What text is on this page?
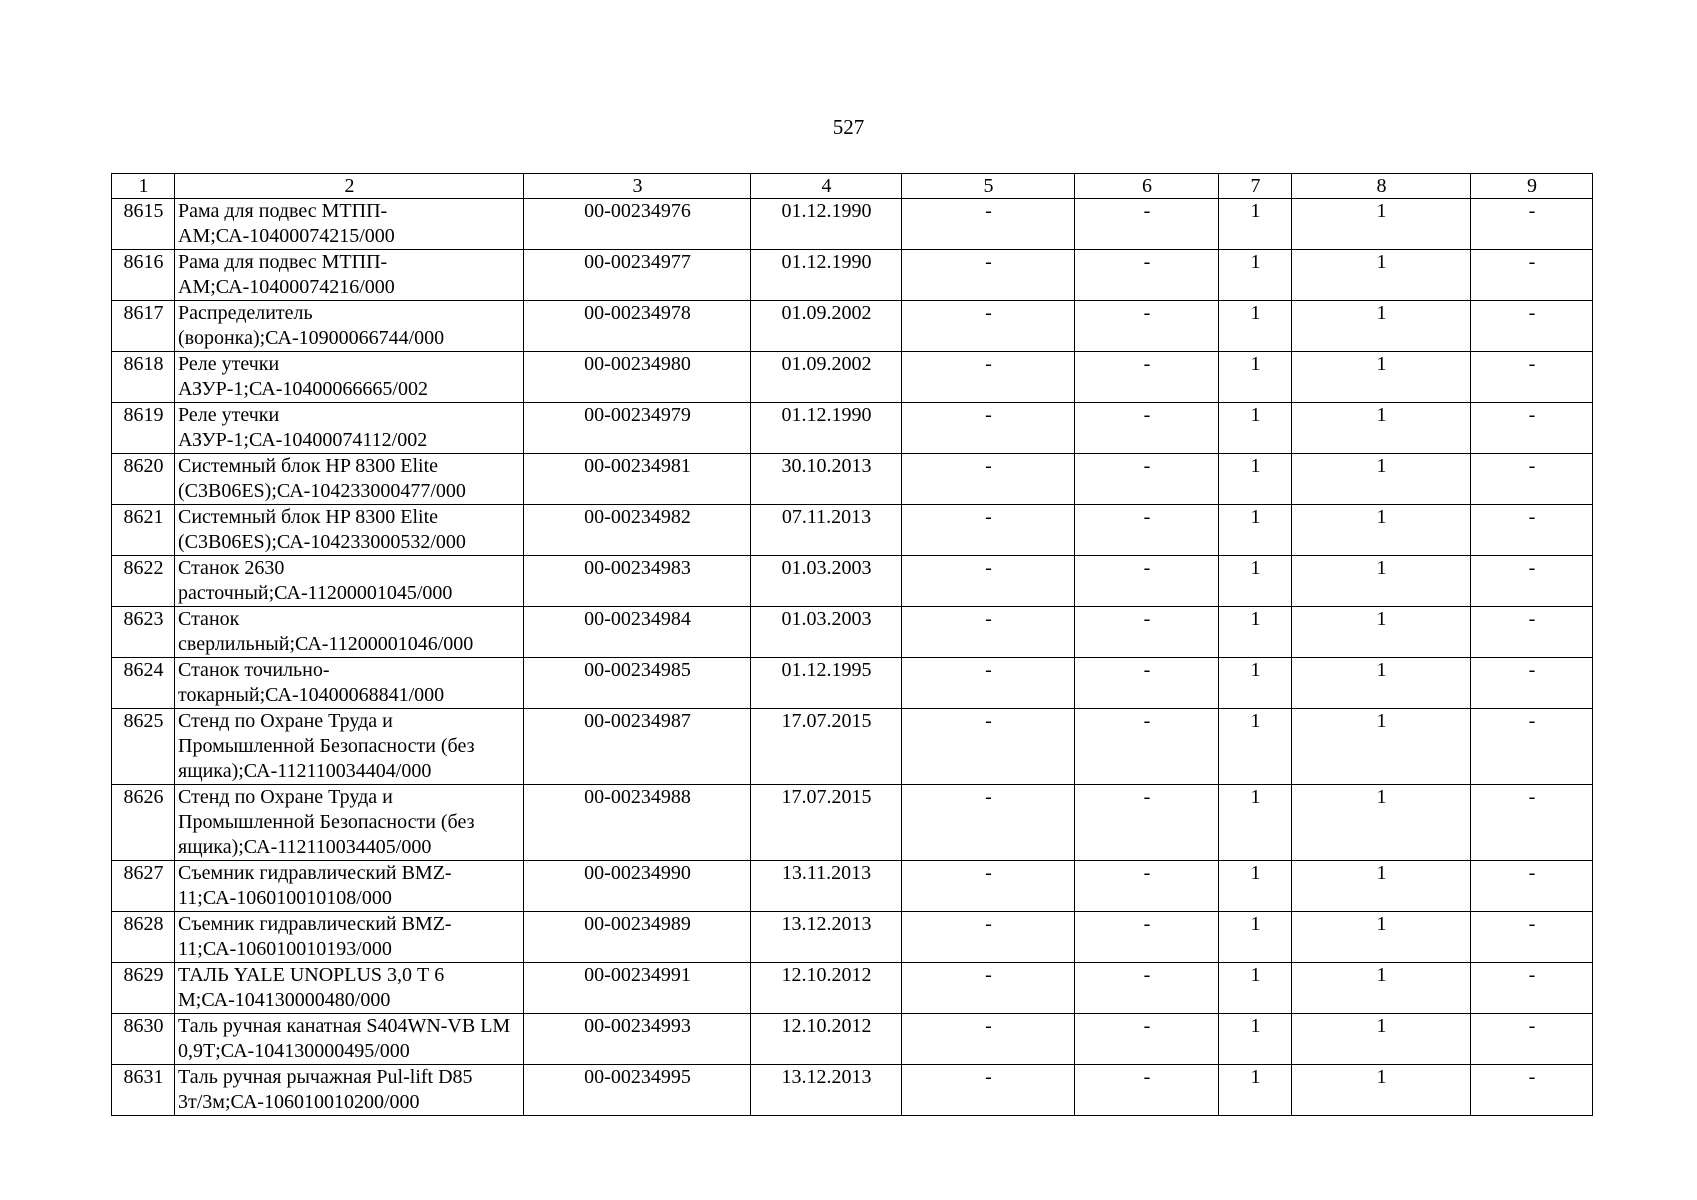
527
1	2	3	4	5	6	7	8	9
8615	Рама для подвес МТПП-АМ;СА-10400074215/000	00-00234976	01.12.1990	-	-	1	1	-
8616	Рама для подвес МТПП-АМ;СА-10400074216/000	00-00234977	01.12.1990	-	-	1	1	-
8617	Распределитель (воронка);СА-10900066744/000	00-00234978	01.09.2002	-	-	1	1	-
8618	Реле утечки АЗУР-1;СА-10400066665/002	00-00234980	01.09.2002	-	-	1	1	-
8619	Реле утечки АЗУР-1;СА-10400074112/002	00-00234979	01.12.1990	-	-	1	1	-
8620	Системный блок HP 8300 Elite (C3B06ES);СА-104233000477/000	00-00234981	30.10.2013	-	-	1	1	-
8621	Системный блок HP 8300 Elite (C3B06ES);СА-104233000532/000	00-00234982	07.11.2013	-	-	1	1	-
8622	Станок 2630 расточный;СА-11200001045/000	00-00234983	01.03.2003	-	-	1	1	-
8623	Станок сверлильный;СА-11200001046/000	00-00234984	01.03.2003	-	-	1	1	-
8624	Станок точильно-токарный;СА-10400068841/000	00-00234985	01.12.1995	-	-	1	1	-
8625	Стенд по Охране Труда и Промышленной Безопасности (без ящика);СА-112110034404/000	00-00234987	17.07.2015	-	-	1	1	-
8626	Стенд по Охране Труда и Промышленной Безопасности (без ящика);СА-112110034405/000	00-00234988	17.07.2015	-	-	1	1	-
8627	Съемник гидравлический BMZ-11;СА-106010010108/000	00-00234990	13.11.2013	-	-	1	1	-
8628	Съемник гидравлический BMZ-11;СА-106010010193/000	00-00234989	13.12.2013	-	-	1	1	-
8629	ТАЛЬ YALE UNOPLUS 3,0 Т 6 М;СА-104130000480/000	00-00234991	12.10.2012	-	-	1	1	-
8630	Таль ручная канатная S404WN-VB LM 0,9Т;СА-104130000495/000	00-00234993	12.10.2012	-	-	1	1	-
8631	Таль ручная рычажная Pul-lift D85 3т/3м;СА-106010010200/000	00-00234995	13.12.2013	-	-	1	1	-
